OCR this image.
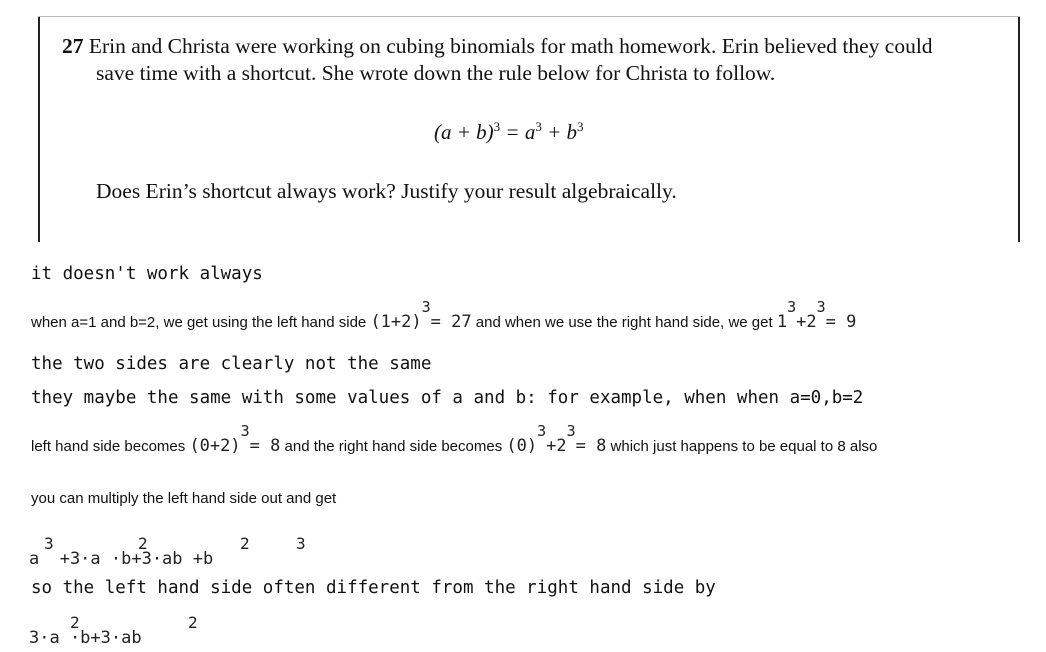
27 Erin and Christa were working on cubing binomials for math homework. Erin believed they could
save time with a shortcut. She wrote down the rule below for Christa to follow.
$(a + b)^3 = a^3 + b^3$
Does Erin’s shortcut always work? Justify your result algebraically.
it doesn't work always
when a=1 and b=2, we get using the left hand side (1+2)3= 27 and when we use the right hand side, we get 13+23= 9
the two sides are clearly not the same
they maybe the same with some values of a and b: for example, when when a=0,b=2
left hand side becomes (0+2)3= 8 and the right hand side becomes (0)3+23= 8 which just happens to be equal to 8 also
you can multiply the left hand side out and get
3	2	2	3
a  +3·a ·b+3·ab +b
so the left hand side often different from the right hand side by
2	2
3·a ·b+3·ab
